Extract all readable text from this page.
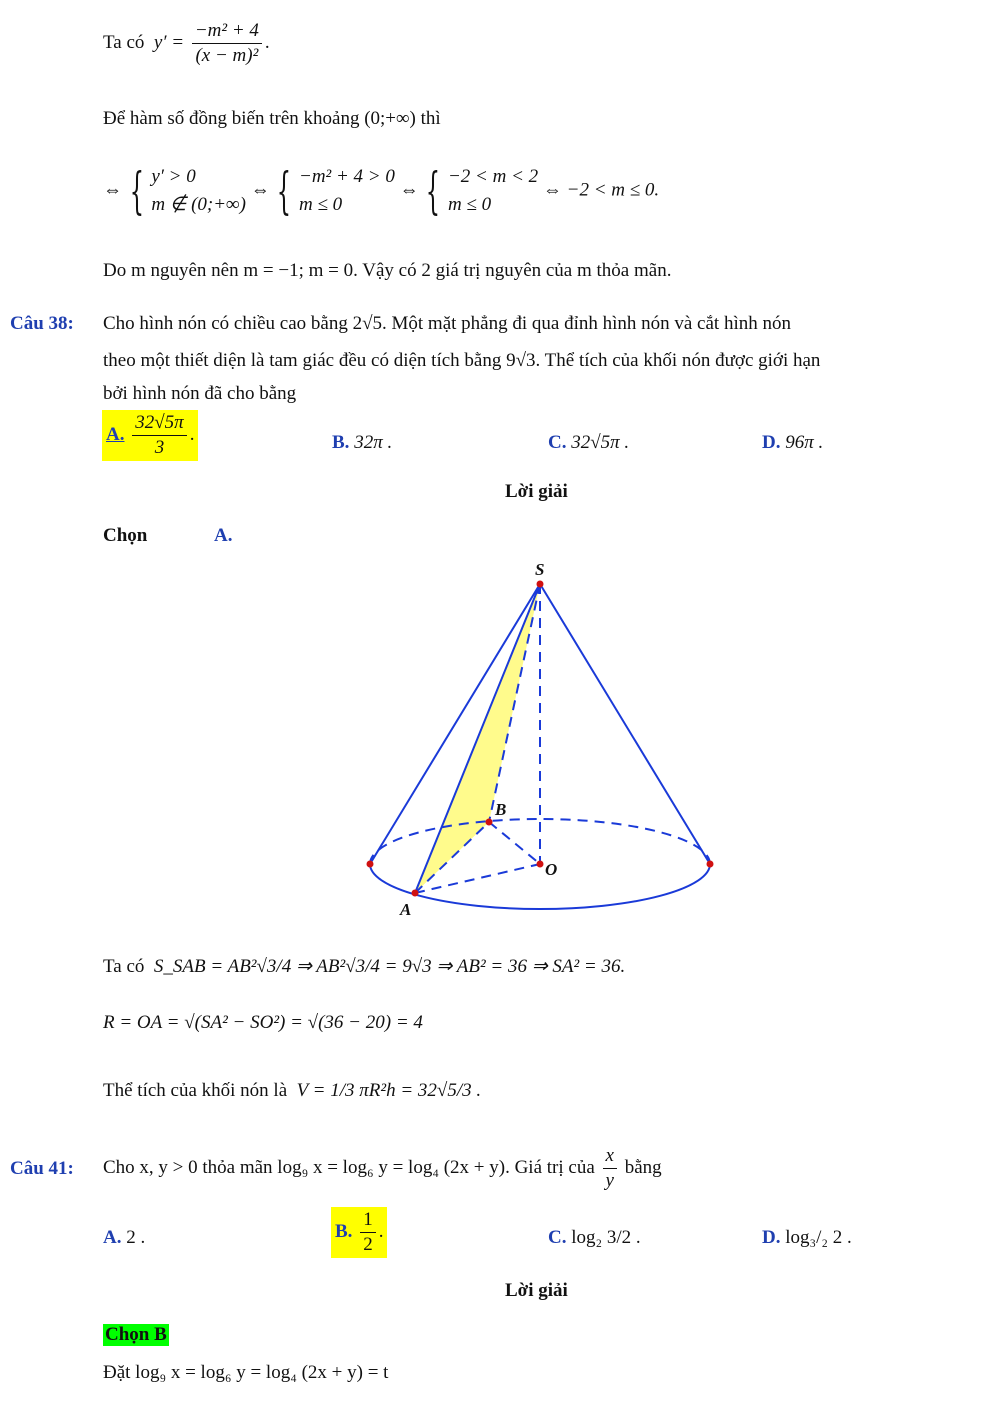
Ta có $y' = \frac{\text{−m² + 4}}{\text{(x − m)²}}$ .
Để hàm số đồng biến trên khoảng (0;+∞) thì
⇔ { y′ > 0
m ∉ (0;+∞)
⇔ { −m² + 4 > 0
m ≤ 0
⇔ { −2 < m < 2
m ≤ 0
⇔ −2 < m ≤ 0.
Do m nguyên nên m = −1; m = 0. Vậy có 2 giá trị nguyên của m thỏa mãn.
Câu 38: Cho hình nón có chiều cao bằng 2√5. Một mặt phẳng đi qua đỉnh hình nón và cắt hình nón
theo một thiết diện là tam giác đều có diện tích bằng 9√3. Thể tích của khối nón được giới hạn
bởi hình nón đã cho bằng
A. $\frac{32√5\pi}{3}$ .	B. 32π .	C. 32√5π .	D. 96π .
Lời giải
Chọn	A.
S
B
O
A
Ta có S_SAB = AB²√3/4 ⇒ AB²√3/4 = 9√3 ⇒ AB² = 36 ⇒ SA² = 36.
R = OA = √(SA² − SO²) = √(36 − 20) = 4
Thể tích của khối nón là V = 1/3 πR²h = 32√5/3 .
Câu 41: Cho x, y > 0 thỏa mãn log₉ x = log₆ y = log₄ (2x + y). Giá trị của $\frac{x}{y}$ bằng
A. 2 .	B. $\frac{1}{2}$ .	C. log₂ 3/2 .	D. log₃/₂ 2 .
Lời giải
Chọn B
Đặt log₉ x = log₆ y = log₄ (2x + y) = t
